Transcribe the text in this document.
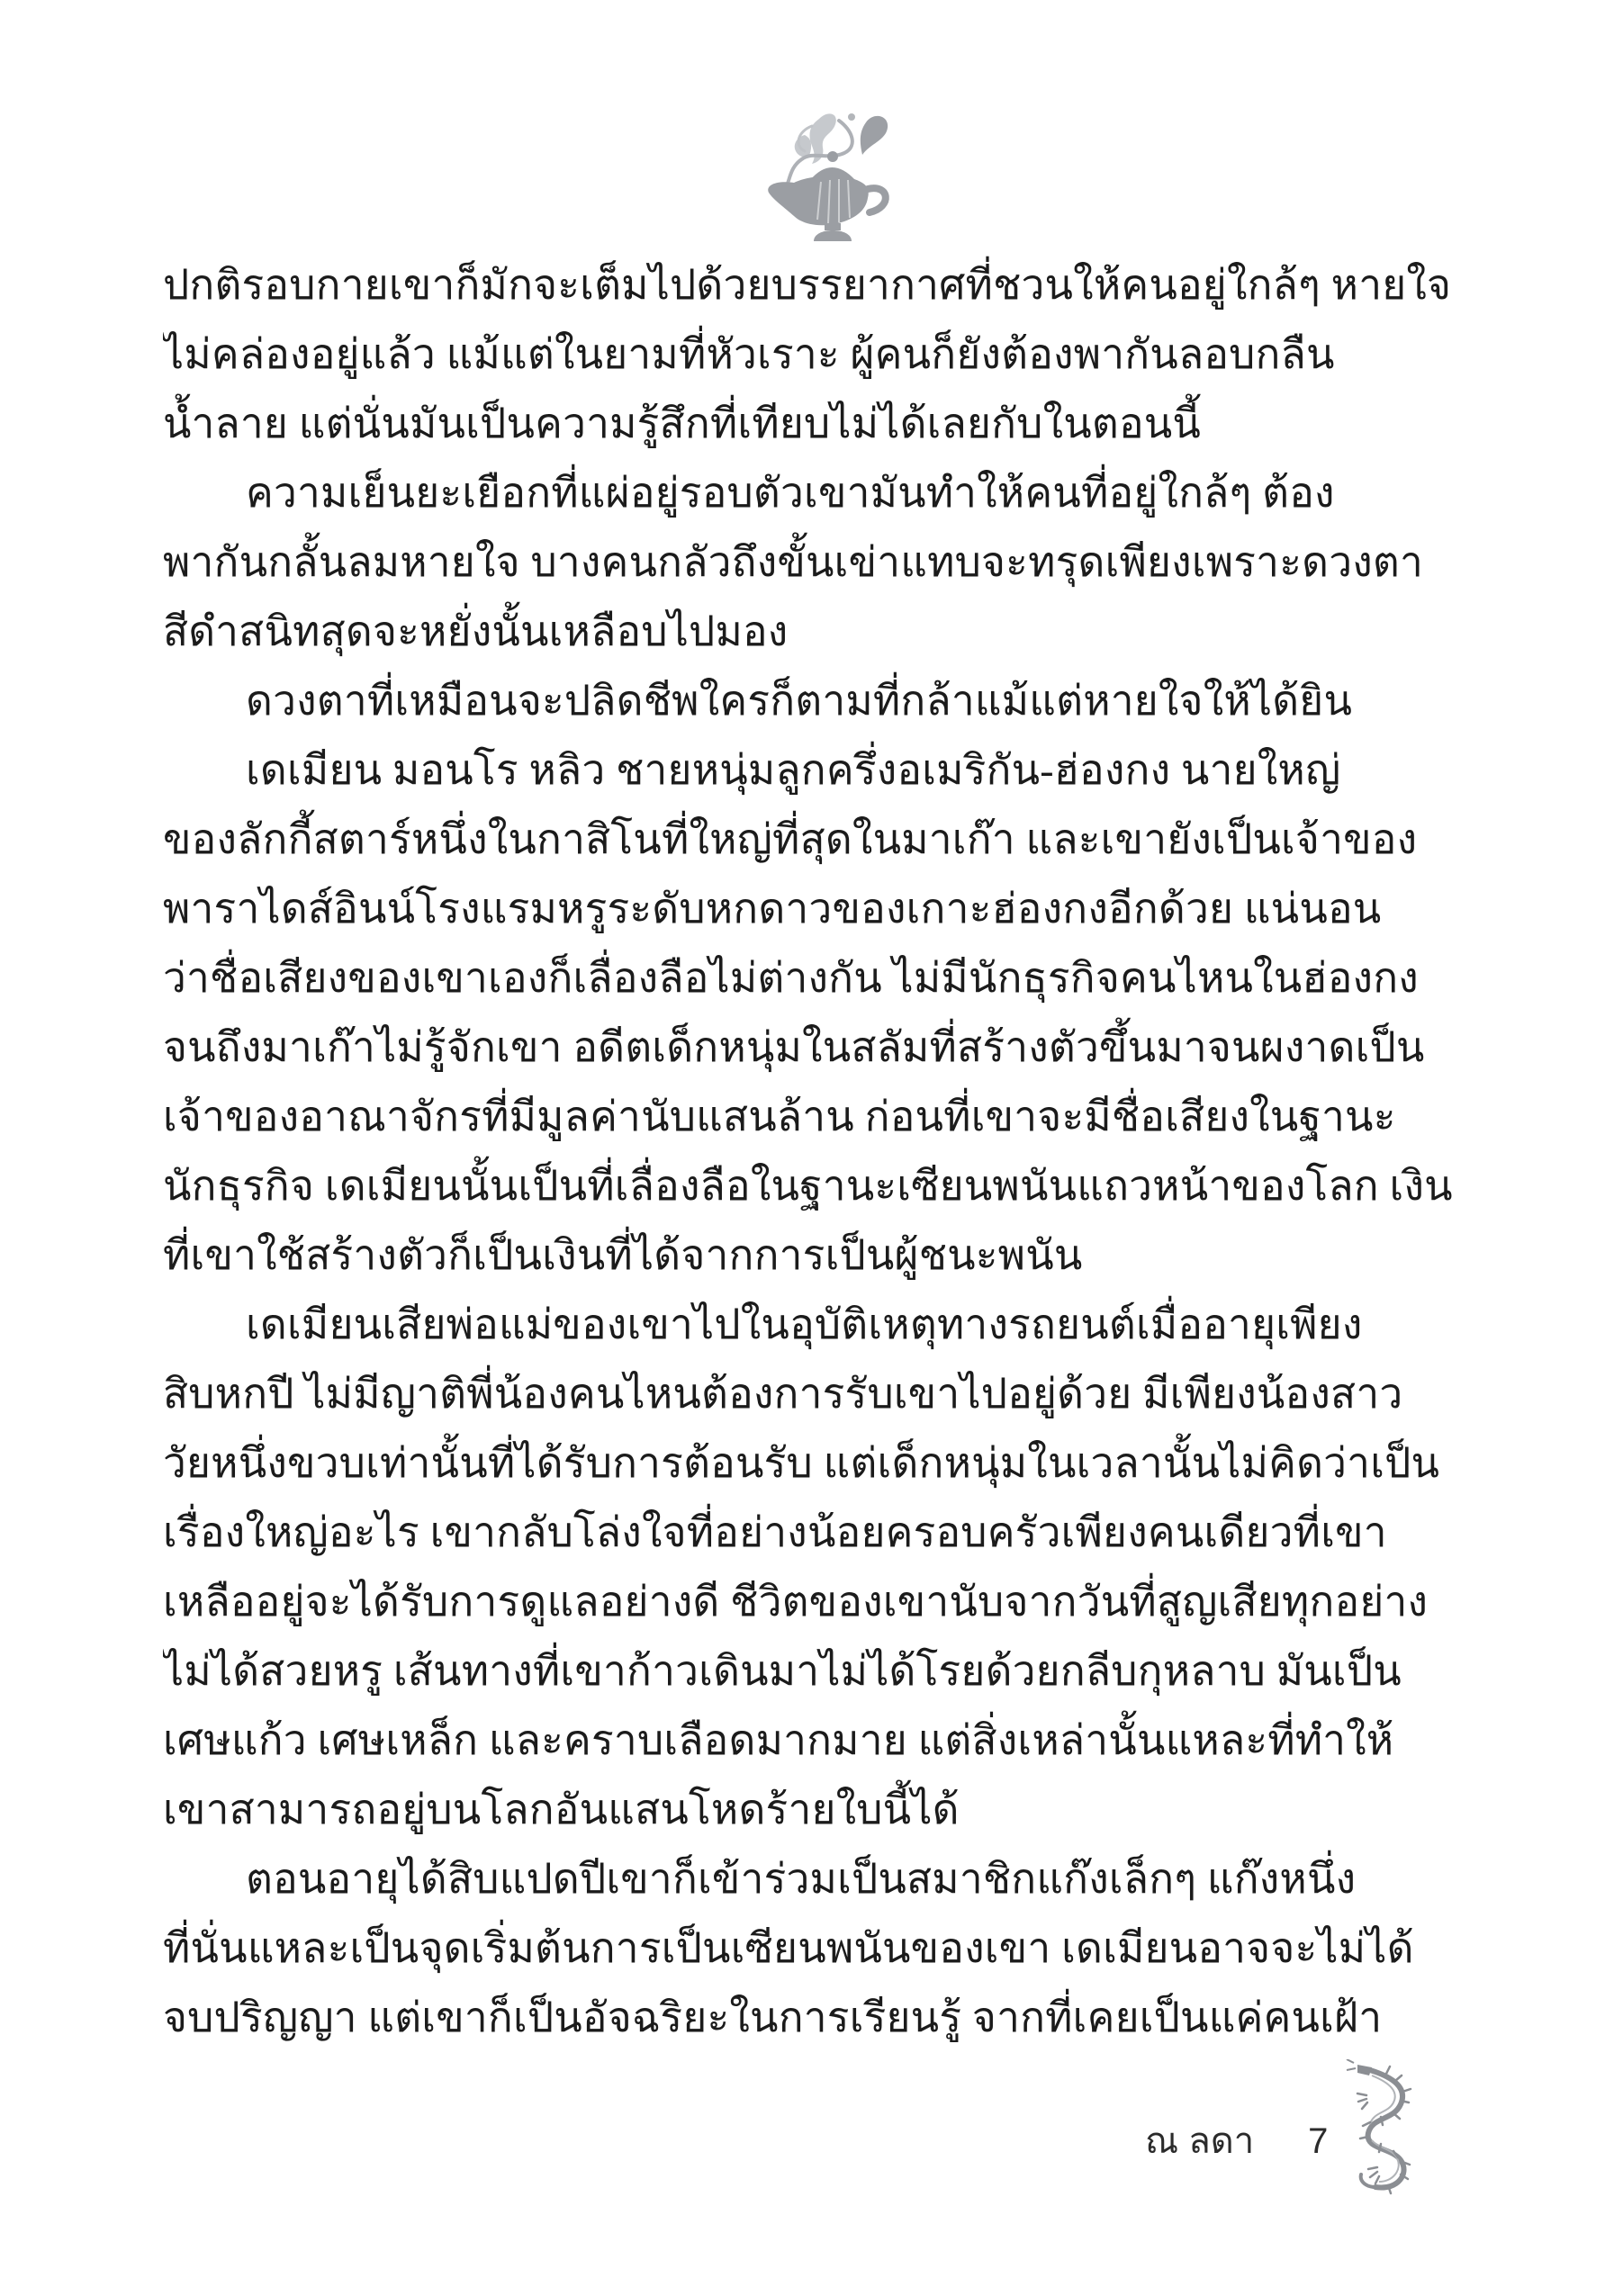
ปกติรอบกายเขาก็มักจะเต็มไปด้วยบรรยากาศที่ชวนให้คนอยู่ใกล้ๆ หายใจ
ไม่คล่องอยู่แล้ว แม้แต่ในยามที่หัวเราะ ผู้คนก็ยังต้องพากันลอบกลืน
น้ำลาย แต่นั่นมันเป็นความรู้สึกที่เทียบไม่ได้เลยกับในตอนนี้
ความเย็นยะเยือกที่แผ่อยู่รอบตัวเขามันทำให้คนที่อยู่ใกล้ๆ ต้อง
พากันกลั้นลมหายใจ บางคนกลัวถึงขั้นเข่าแทบจะทรุดเพียงเพราะดวงตา
สีดำสนิทสุดจะหยั่งนั้นเหลือบไปมอง
ดวงตาที่เหมือนจะปลิดชีพใครก็ตามที่กล้าแม้แต่หายใจให้ได้ยิน
เดเมียน มอนโร หลิว ชายหนุ่มลูกครึ่งอเมริกัน-ฮ่องกง นายใหญ่
ของลักกี้สตาร์หนึ่งในกาสิโนที่ใหญ่ที่สุดในมาเก๊า และเขายังเป็นเจ้าของ
พาราไดส์อินน์โรงแรมหรูระดับหกดาวของเกาะฮ่องกงอีกด้วย แน่นอน
ว่าชื่อเสียงของเขาเองก็เลื่องลือไม่ต่างกัน ไม่มีนักธุรกิจคนไหนในฮ่องกง
จนถึงมาเก๊าไม่รู้จักเขา อดีตเด็กหนุ่มในสลัมที่สร้างตัวขึ้นมาจนผงาดเป็น
เจ้าของอาณาจักรที่มีมูลค่านับแสนล้าน ก่อนที่เขาจะมีชื่อเสียงในฐานะ
นักธุรกิจ เดเมียนนั้นเป็นที่เลื่องลือในฐานะเซียนพนันแถวหน้าของโลก เงิน
ที่เขาใช้สร้างตัวก็เป็นเงินที่ได้จากการเป็นผู้ชนะพนัน
เดเมียนเสียพ่อแม่ของเขาไปในอุบัติเหตุทางรถยนต์เมื่ออายุเพียง
สิบหกปี ไม่มีญาติพี่น้องคนไหนต้องการรับเขาไปอยู่ด้วย มีเพียงน้องสาว
วัยหนึ่งขวบเท่านั้นที่ได้รับการต้อนรับ แต่เด็กหนุ่มในเวลานั้นไม่คิดว่าเป็น
เรื่องใหญ่อะไร เขากลับโล่งใจที่อย่างน้อยครอบครัวเพียงคนเดียวที่เขา
เหลืออยู่จะได้รับการดูแลอย่างดี ชีวิตของเขานับจากวันที่สูญเสียทุกอย่าง
ไม่ได้สวยหรู เส้นทางที่เขาก้าวเดินมาไม่ได้โรยด้วยกลีบกุหลาบ มันเป็น
เศษแก้ว เศษเหล็ก และคราบเลือดมากมาย แต่สิ่งเหล่านั้นแหละที่ทำให้
เขาสามารถอยู่บนโลกอันแสนโหดร้ายใบนี้ได้
ตอนอายุได้สิบแปดปีเขาก็เข้าร่วมเป็นสมาชิกแก๊งเล็กๆ แก๊งหนึ่ง
ที่นั่นแหละเป็นจุดเริ่มต้นการเป็นเซียนพนันของเขา เดเมียนอาจจะไม่ได้
จบปริญญา แต่เขาก็เป็นอัจฉริยะในการเรียนรู้ จากที่เคยเป็นแค่คนเฝ้า
ณ ลดา 7
